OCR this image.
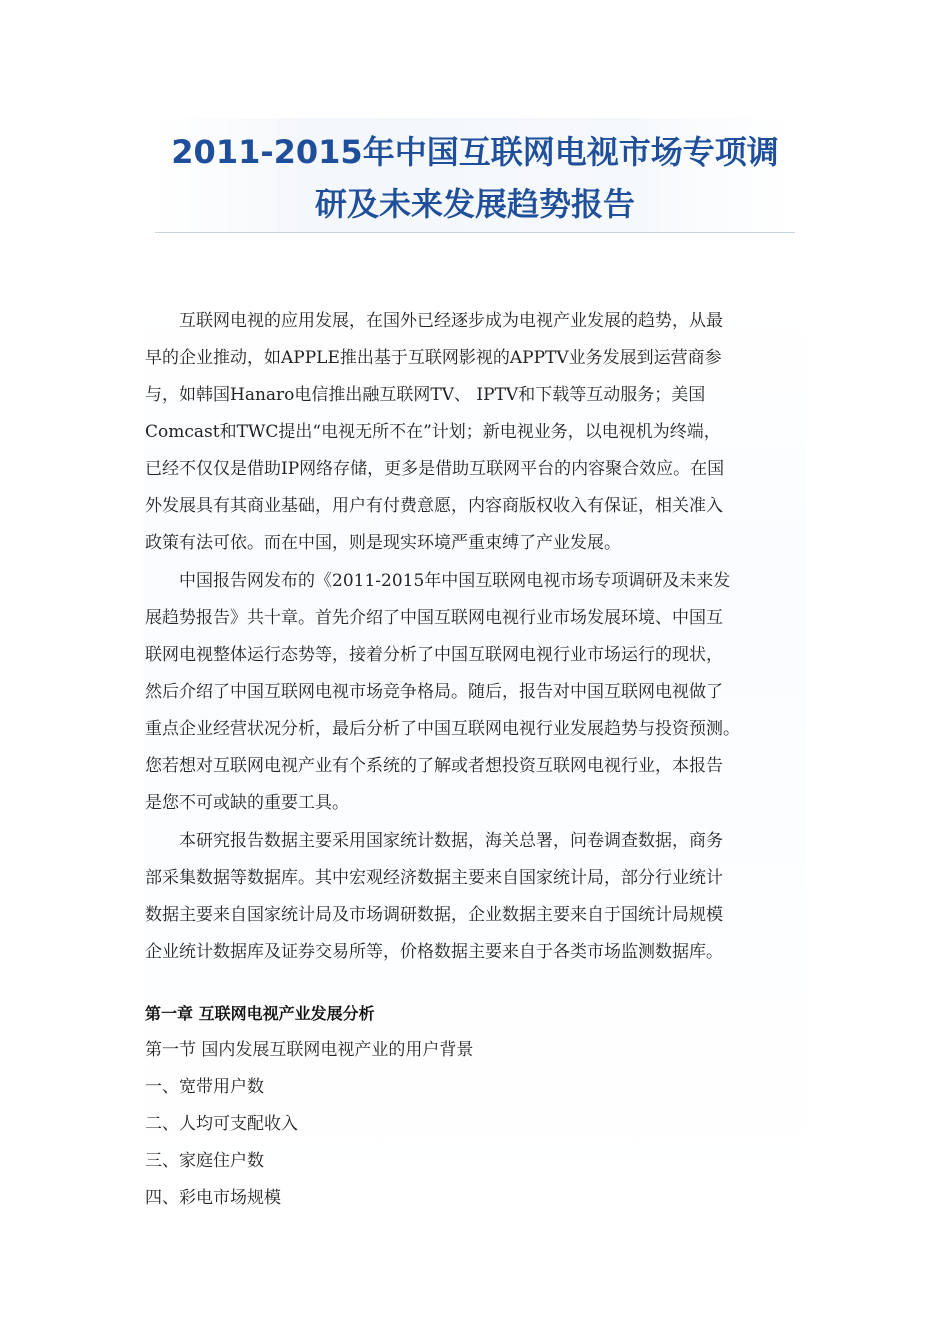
2011-2015年中国互联网电视市场专项调
研及未来发展趋势报告
　　互联网电视的应用发展，在国外已经逐步成为电视产业发展的趋势，从最
早的企业推动，如APPLE推出基于互联网影视的APPTV业务发展到运营商参
与，如韩国Hanaro电信推出融互联网TV、 IPTV和下载等互动服务；美国
Comcast和TWC提出“电视无所不在”计划；新电视业务，以电视机为终端，
已经不仅仅是借助IP网络存储，更多是借助互联网平台的内容聚合效应。在国
外发展具有其商业基础，用户有付费意愿，内容商版权收入有保证，相关准入
政策有法可依。而在中国，则是现实环境严重束缚了产业发展。
　　中国报告网发布的《2011-2015年中国互联网电视市场专项调研及未来发
展趋势报告》共十章。首先介绍了中国互联网电视行业市场发展环境、中国互
联网电视整体运行态势等，接着分析了中国互联网电视行业市场运行的现状，
然后介绍了中国互联网电视市场竞争格局。随后，报告对中国互联网电视做了
重点企业经营状况分析，最后分析了中国互联网电视行业发展趋势与投资预测。
您若想对互联网电视产业有个系统的了解或者想投资互联网电视行业，本报告
是您不可或缺的重要工具。
　　本研究报告数据主要采用国家统计数据，海关总署，问卷调查数据，商务
部采集数据等数据库。其中宏观经济数据主要来自国家统计局，部分行业统计
数据主要来自国家统计局及市场调研数据，企业数据主要来自于国统计局规模
企业统计数据库及证券交易所等，价格数据主要来自于各类市场监测数据库。
第一章 互联网电视产业发展分析
第一节 国内发展互联网电视产业的用户背景
一、宽带用户数
二、人均可支配收入
三、家庭住户数
四、彩电市场规模
